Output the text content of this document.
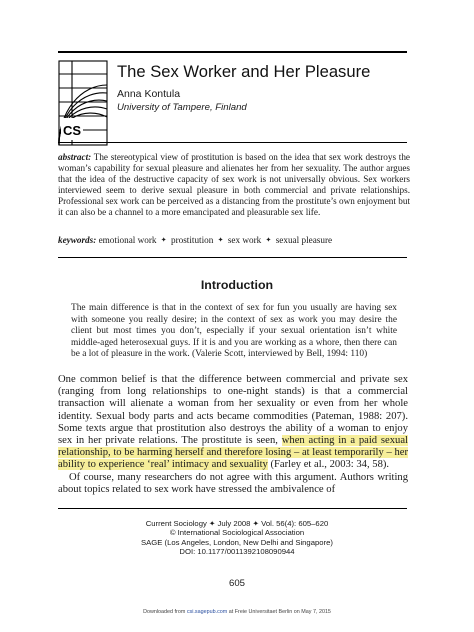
CS
The Sex Worker and Her Pleasure
Anna Kontula
University of Tampere, Finland

abstract: The stereotypical view of prostitution is based on the idea that sex work destroys the woman’s capability for sexual pleasure and alienates her from her sexuality. The author argues that the idea of the destructive capacity of sex work is not universally obvious. Sex workers interviewed seem to derive sexual pleasure in both commercial and private relationships. Professional sex work can be perceived as a distancing from the prostitute’s own enjoyment but it can also be a channel to a more emancipated and pleasurable sex life.

keywords: emotional work ✦ prostitution ✦ sex work ✦ sexual pleasure

Introduction

The main difference is that in the context of sex for fun you usually are having sex with someone you really desire; in the context of sex as work you may desire the client but most times you don’t, especially if your sexual orientation isn’t white middle-aged heterosexual guys. If it is and you are working as a whore, then there can be a lot of pleasure in the work. (Valerie Scott, interviewed by Bell, 1994: 110)

One common belief is that the difference between commercial and private sex (ranging from long relationships to one-night stands) is that a commercial transaction will alienate a woman from her sexuality or even from her whole identity. Sexual body parts and acts became commodities (Pateman, 1988: 207). Some texts argue that prostitution also destroys the ability of a woman to enjoy sex in her private relations. The prostitute is seen, when acting in a paid sexual relationship, to be harming herself and therefore losing – at least temporarily – her ability to experience ‘real’ intimacy and sexuality (Farley et al., 2003: 34, 58).

Of course, many researchers do not agree with this argument. Authors writing about topics related to sex work have stressed the ambivalence of

Current Sociology ✦ July 2008 ✦ Vol. 56(4): 605–620
© International Sociological Association
SAGE (Los Angeles, London, New Delhi and Singapore)
DOI: 10.1177/0011392108090944
605
Downloaded from csi.sagepub.com at Freie Universitaet Berlin on May 7, 2015
